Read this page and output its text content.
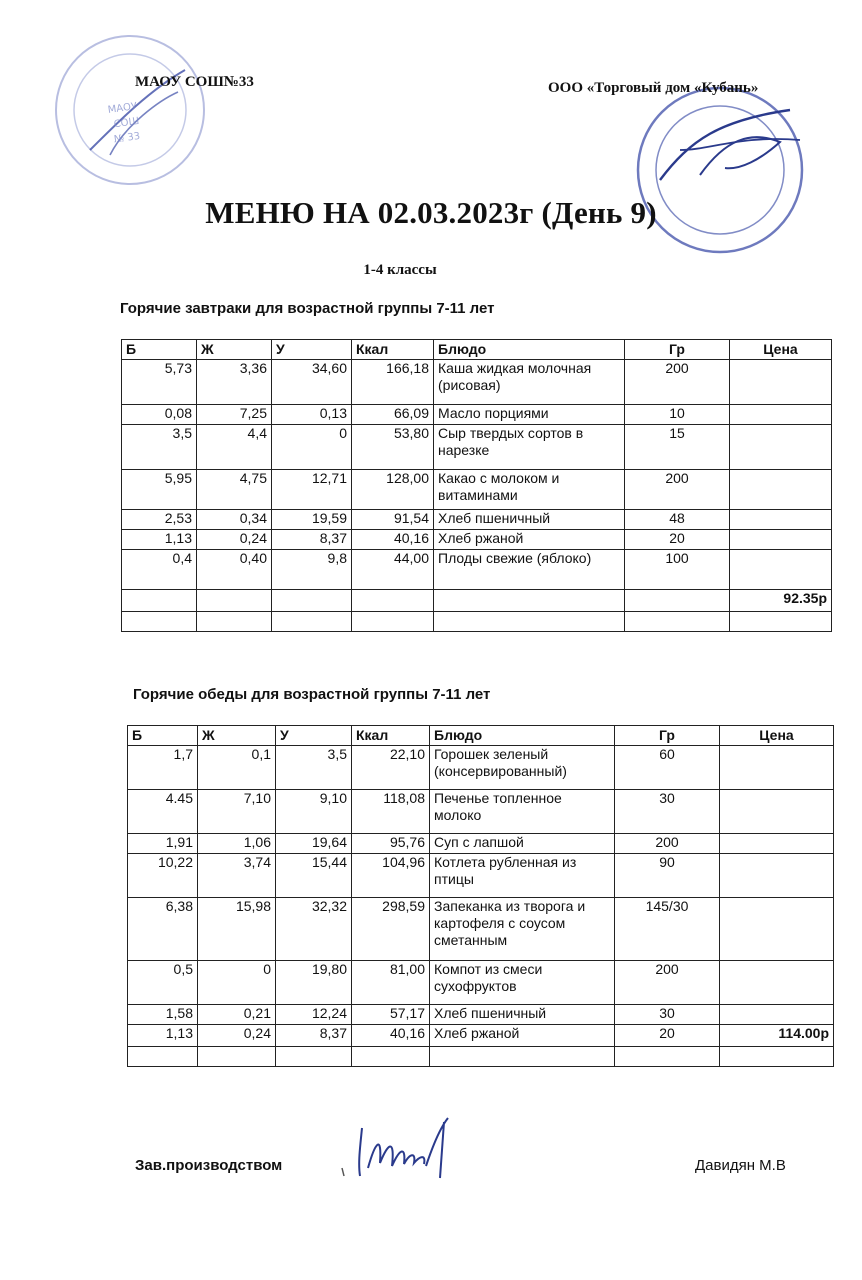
МАОУ
СОШ
№ 33
МАОУ СОШ№33	ООО «Торговый дом «Кубань»
МЕНЮ НА 02.03.2023г (День 9)
1-4 классы
Горячие завтраки для возрастной группы 7-11 лет
Б	Ж	У	Ккал	Блюдо	Гр	Цена
5,73	3,36	34,60	166,18	Каша жидкая молочная (рисовая)	200	
0,08	7,25	0,13	66,09	Масло порциями	10	
3,5	4,4	0	53,80	Сыр твердых сортов в нарезке	15	
5,95	4,75	12,71	128,00	Какао с молоком и витаминами	200	
2,53	0,34	19,59	91,54	Хлеб пшеничный	48	
1,13	0,24	8,37	40,16	Хлеб ржаной	20	
0,4	0,40	9,8	44,00	Плоды свежие (яблоко)	100	
						92.35р

Горячие обеды для возрастной группы 7-11 лет
Б	Ж	У	Ккал	Блюдо	Гр	Цена
1,7	0,1	3,5	22,10	Горошек зеленый (консервированный)	60	
4.45	7,10	9,10	118,08	Печенье топленное молоко	30	
1,91	1,06	19,64	95,76	Суп с лапшой	200	
10,22	3,74	15,44	104,96	Котлета рубленная из птицы	90	
6,38	15,98	32,32	298,59	Запеканка из творога и картофеля с соусом сметанным	145/30	
0,5	0	19,80	81,00	Компот из смеси сухофруктов	200	
1,58	0,21	12,24	57,17	Хлеб пшеничный	30	
1,13	0,24	8,37	40,16	Хлеб ржаной	20	114.00р

Зав.производством	Давидян М.В
